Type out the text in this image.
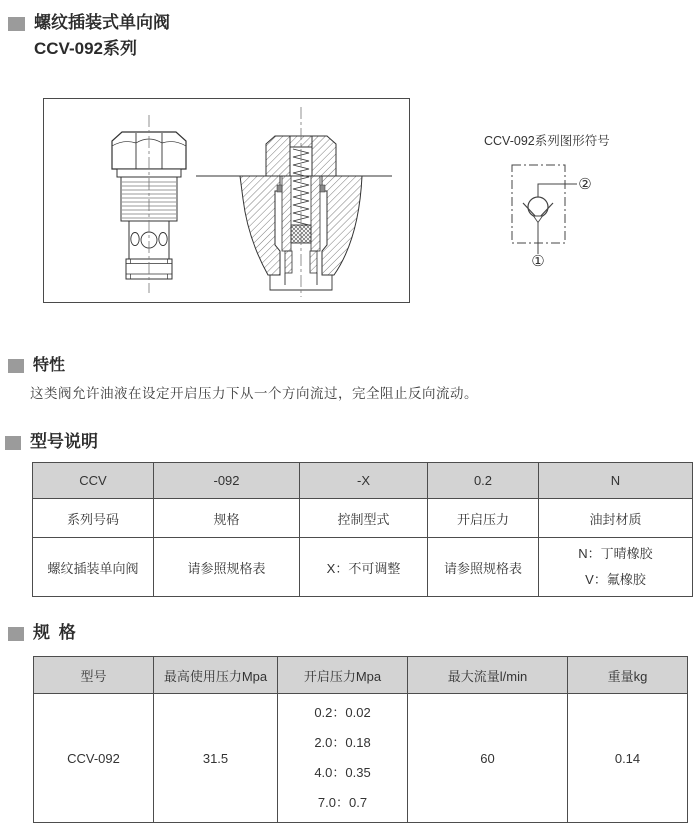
螺纹插装式单向阀
CCV-092系列
CCV-092系列图形符号
②
①
特性
这类阀允许油液在设定开启压力下从一个方向流过，完全阻止反向流动。
型号说明
CCV	-092	-X	0.2	N
系列号码	规格	控制型式	开启压力	油封材质
螺纹插装单向阀	请参照规格表	X：不可调整	请参照规格表	N：丁晴橡胶
V：氟橡胶
规 格
型号	最高使用压力Mpa	开启压力Mpa	最大流量l/min	重量kg
CCV-092	31.5	0.2：0.02
2.0：0.18
4.0：0.35
7.0：0.7	60	0.14
